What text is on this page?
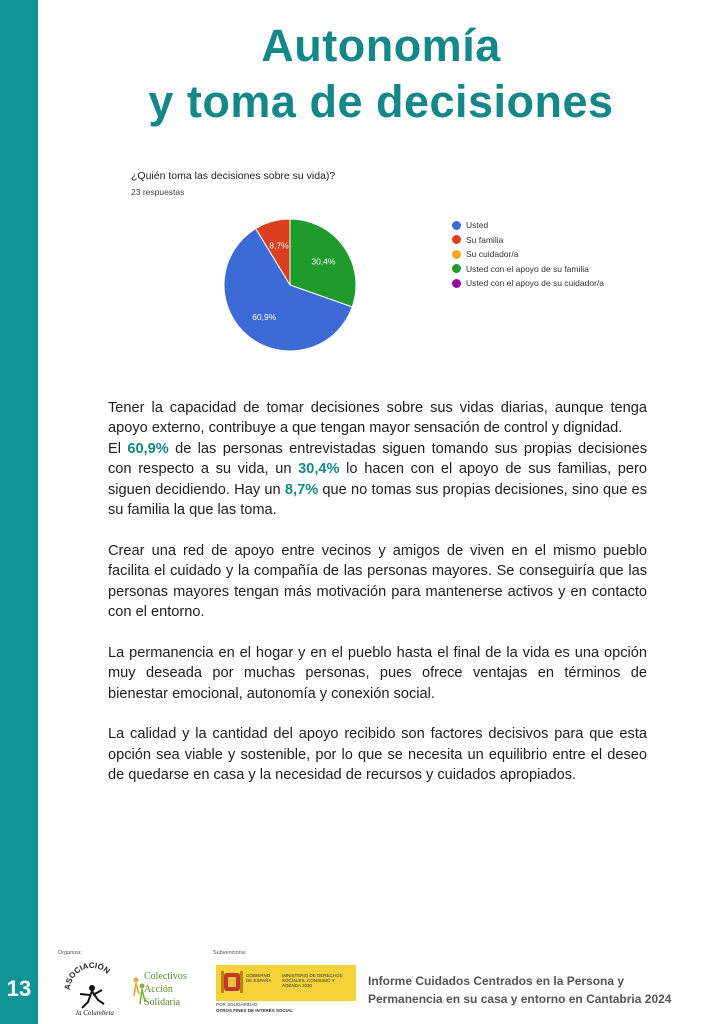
13
Autonomía
y toma de decisiones
¿Quién toma las decisiones sobre su vida)?
23 respuestas
8,7%
30,4%
60,9%
Usted
Su familia
Su cuidador/a
Usted con el apoyo de su familia
Usted con el apoyo de su cuidador/a

Tener la capacidad de tomar decisiones sobre sus vidas diarias, aunque tenga apoyo externo, contribuye a que tengan mayor sensación de control y dignidad.

El 60,9% de las personas entrevistadas siguen tomando sus propias decisiones con respecto a su vida, un 30,4% lo hacen con el apoyo de sus familias, pero siguen decidiendo. Hay un 8,7% que no tomas sus propias decisiones, sino que es su familia la que las toma.

Crear una red de apoyo entre vecinos y amigos de viven en el mismo pueblo facilita el cuidado y la compañía de las personas mayores. Se conseguiría que las personas mayores tengan más motivación para mantenerse activos y en contacto con el entorno.

La permanencia en el hogar y en el pueblo hasta el final de la vida es una opción muy deseada por muchas personas, pues ofrece ventajas en términos de bienestar emocional, autonomía y conexión social.

La calidad y la cantidad del apoyo recibido son factores decisivos para que esta opción sea viable y sostenible, por lo que se necesita un equilibrio entre el deseo de quedarse en casa y la necesidad de recursos y cuidados apropiados.

Organiza:	Subvenciona:
ASOCIACIÓN
la Columbeta
Colectivos
Acción
Solidaria
GOBIERNO DE ESPAÑA
MINISTERIO DE DERECHOS SOCIALES, CONSUMO Y AGENDA 2030
POR SOLIDARIDAD
OTROS FINES DE INTERÉS SOCIAL
Informe Cuidados Centrados en la Persona y
Permanencia en su casa y entorno en Cantabria 2024
